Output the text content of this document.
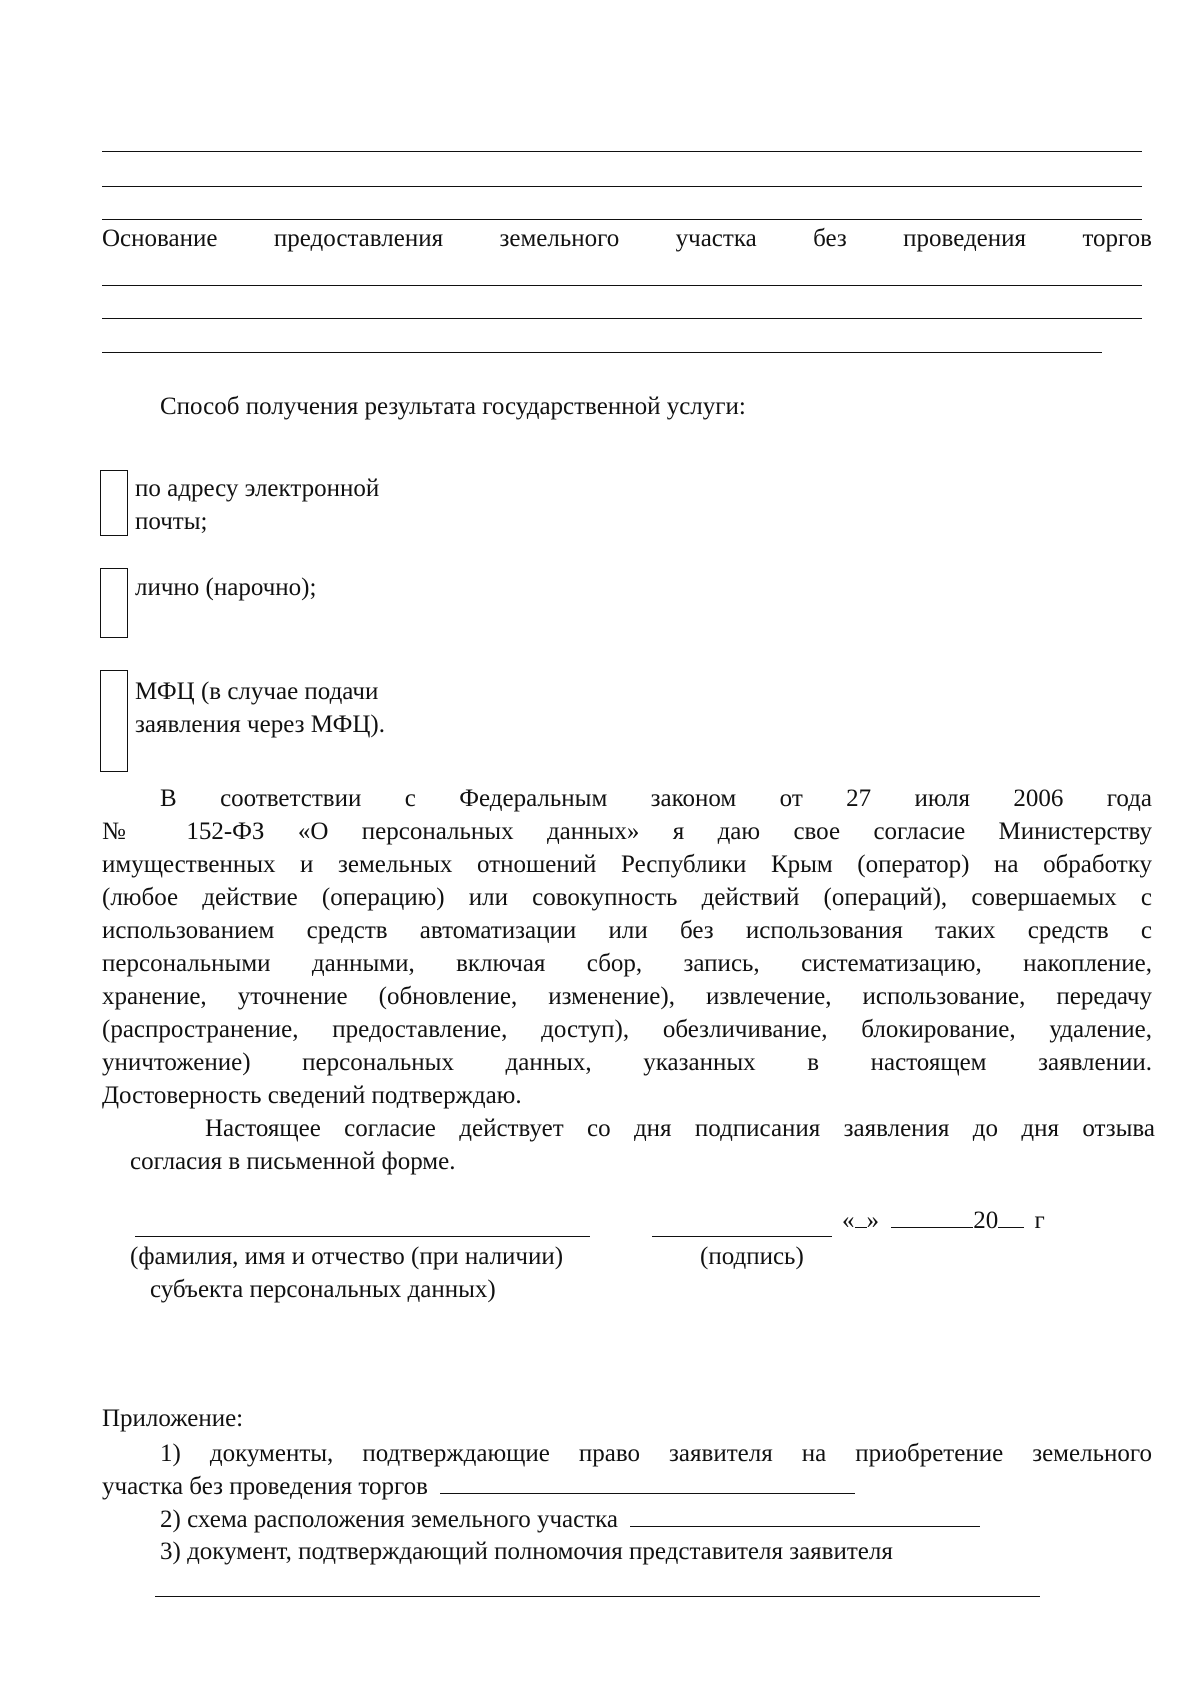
Основание предоставления земельного участка без проведения торгов
Способ получения результата государственной услуги:
по адресу электронной
почты;
лично (нарочно);
МФЦ (в случае подачи
заявления через МФЦ).
В соответствии с Федеральным законом от 27 июля 2006 года
№ 152-ФЗ «О персональных данных» я даю свое согласие Министерству
имущественных и земельных отношений Республики Крым (оператор) на обработку
(любое действие (операцию) или совокупность действий (операций), совершаемых с
использованием средств автоматизации или без использования таких средств с
персональными данными, включая сбор, запись, систематизацию, накопление,
хранение, уточнение (обновление, изменение), извлечение, использование, передачу
(распространение, предоставление, доступ), обезличивание, блокирование, удаление,
уничтожение) персональных данных, указанных в настоящем заявлении.
Достоверность сведений подтверждаю.
Настоящее согласие действует со дня подписания заявления до дня отзыва
согласия в письменной форме.
« »	20 г
(фамилия, имя и отчество (при наличии)
субъекта персональных данных)
(подпись)
Приложение:
1) документы, подтверждающие право заявителя на приобретение земельного
участка без проведения торгов
2) схема расположения земельного участка
3) документ, подтверждающий полномочия представителя заявителя
